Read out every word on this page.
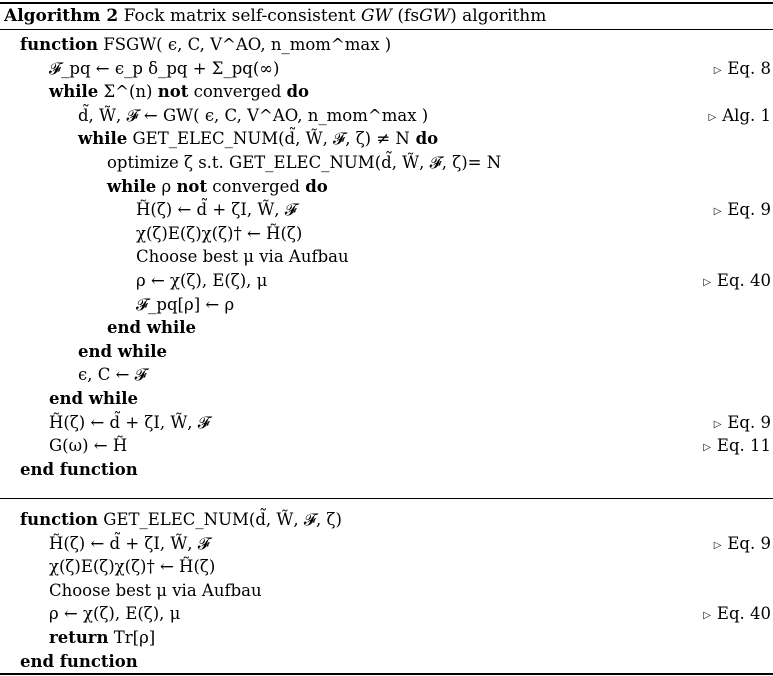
Algorithm 2 Fock matrix self-consistent GW (fsGW) algorithm
function FSGW( ϵ, C, V^AO, n_mom^max )
𝓕_pq ← ϵ_p δ_pq + Σ_pq(∞)	▷ Eq. 8
while Σ^(n) not converged do
d̃, W̃, 𝓕 ← GW( ϵ, C, V^AO, n_mom^max )	▷ Alg. 1
while GET_ELEC_NUM(d̃, W̃, 𝓕, ζ) ≠ N do
optimize ζ s.t. GET_ELEC_NUM(d̃, W̃, 𝓕, ζ)= N
while ρ not converged do
H̃(ζ) ← d̃ + ζI, W̃, 𝓕	▷ Eq. 9
χ(ζ)E(ζ)χ(ζ)† ← H̃(ζ)
Choose best μ via Aufbau
ρ ← χ(ζ), E(ζ), μ	▷ Eq. 40
𝓕_pq[ρ] ← ρ
end while
end while
ϵ, C ← 𝓕
end while
H̃(ζ) ← d̃ + ζI, W̃, 𝓕	▷ Eq. 9
G(ω) ← H̃	▷ Eq. 11
end function
function GET_ELEC_NUM(d̃, W̃, 𝓕, ζ)
H̃(ζ) ← d̃ + ζI, W̃, 𝓕	▷ Eq. 9
χ(ζ)E(ζ)χ(ζ)† ← H̃(ζ)
Choose best μ via Aufbau
ρ ← χ(ζ), E(ζ), μ	▷ Eq. 40
return Tr[ρ]
end function
